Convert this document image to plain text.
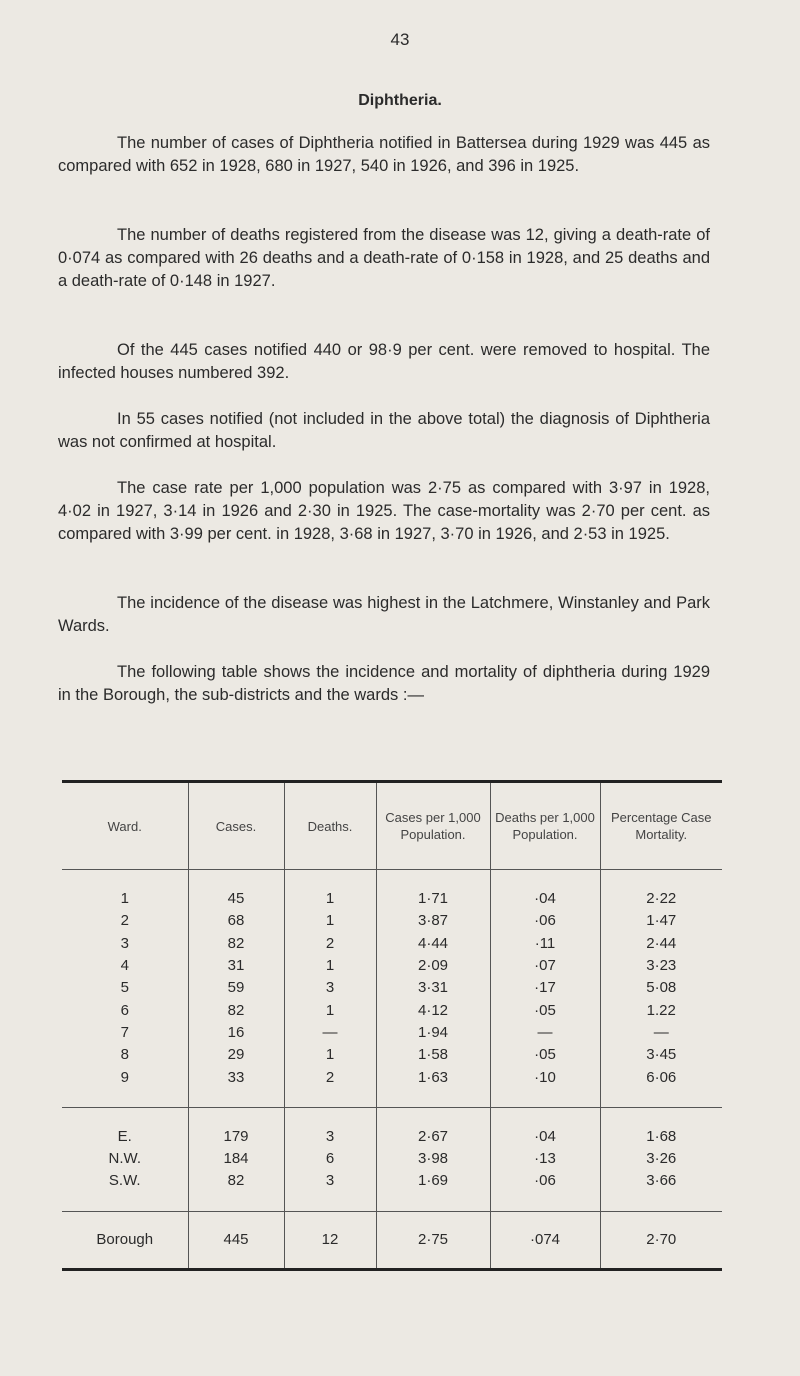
43
Diphtheria.

The number of cases of Diphtheria notified in Battersea during 1929 was 445 as compared with 652 in 1928, 680 in 1927, 540 in 1926, and 396 in 1925.

The number of deaths registered from the disease was 12, giving a death-rate of 0·074 as compared with 26 deaths and a death-rate of 0·158 in 1928, and 25 deaths and a death-rate of 0·148 in 1927.

Of the 445 cases notified 440 or 98·9 per cent. were removed to hospital. The infected houses numbered 392.

In 55 cases notified (not included in the above total) the diagnosis of Diphtheria was not confirmed at hospital.

The case rate per 1,000 population was 2·75 as compared with 3·97 in 1928, 4·02 in 1927, 3·14 in 1926 and 2·30 in 1925. The case-mortality was 2·70 per cent. as compared with 3·99 per cent. in 1928, 3·68 in 1927, 3·70 in 1926, and 2·53 in 1925.

The incidence of the disease was highest in the Latchmere, Winstanley and Park Wards.

The following table shows the incidence and mortality of diphtheria during 1929 in the Borough, the sub-districts and the wards :—

Ward.	Cases.	Deaths.	Cases per 1,000 Population.	Deaths per 1,000 Population.	Percentage Case Mortality.

1	45	1	1·71	·04	2·22
2	68	1	3·87	·06	1·47
3	82	2	4·44	·11	2·44
4	31	1	2·09	·07	3·23
5	59	3	3·31	·17	5·08
6	82	1	4·12	·05	1.22
7	16	—	1·94	—	—
8	29	1	1·58	·05	3·45
9	33	2	1·63	·10	6·06

E.	179	3	2·67	·04	1·68
N.W.	184	6	3·98	·13	3·26
S.W.	82	3	1·69	·06	3·66

Borough	445	12	2·75	·074	2·70
